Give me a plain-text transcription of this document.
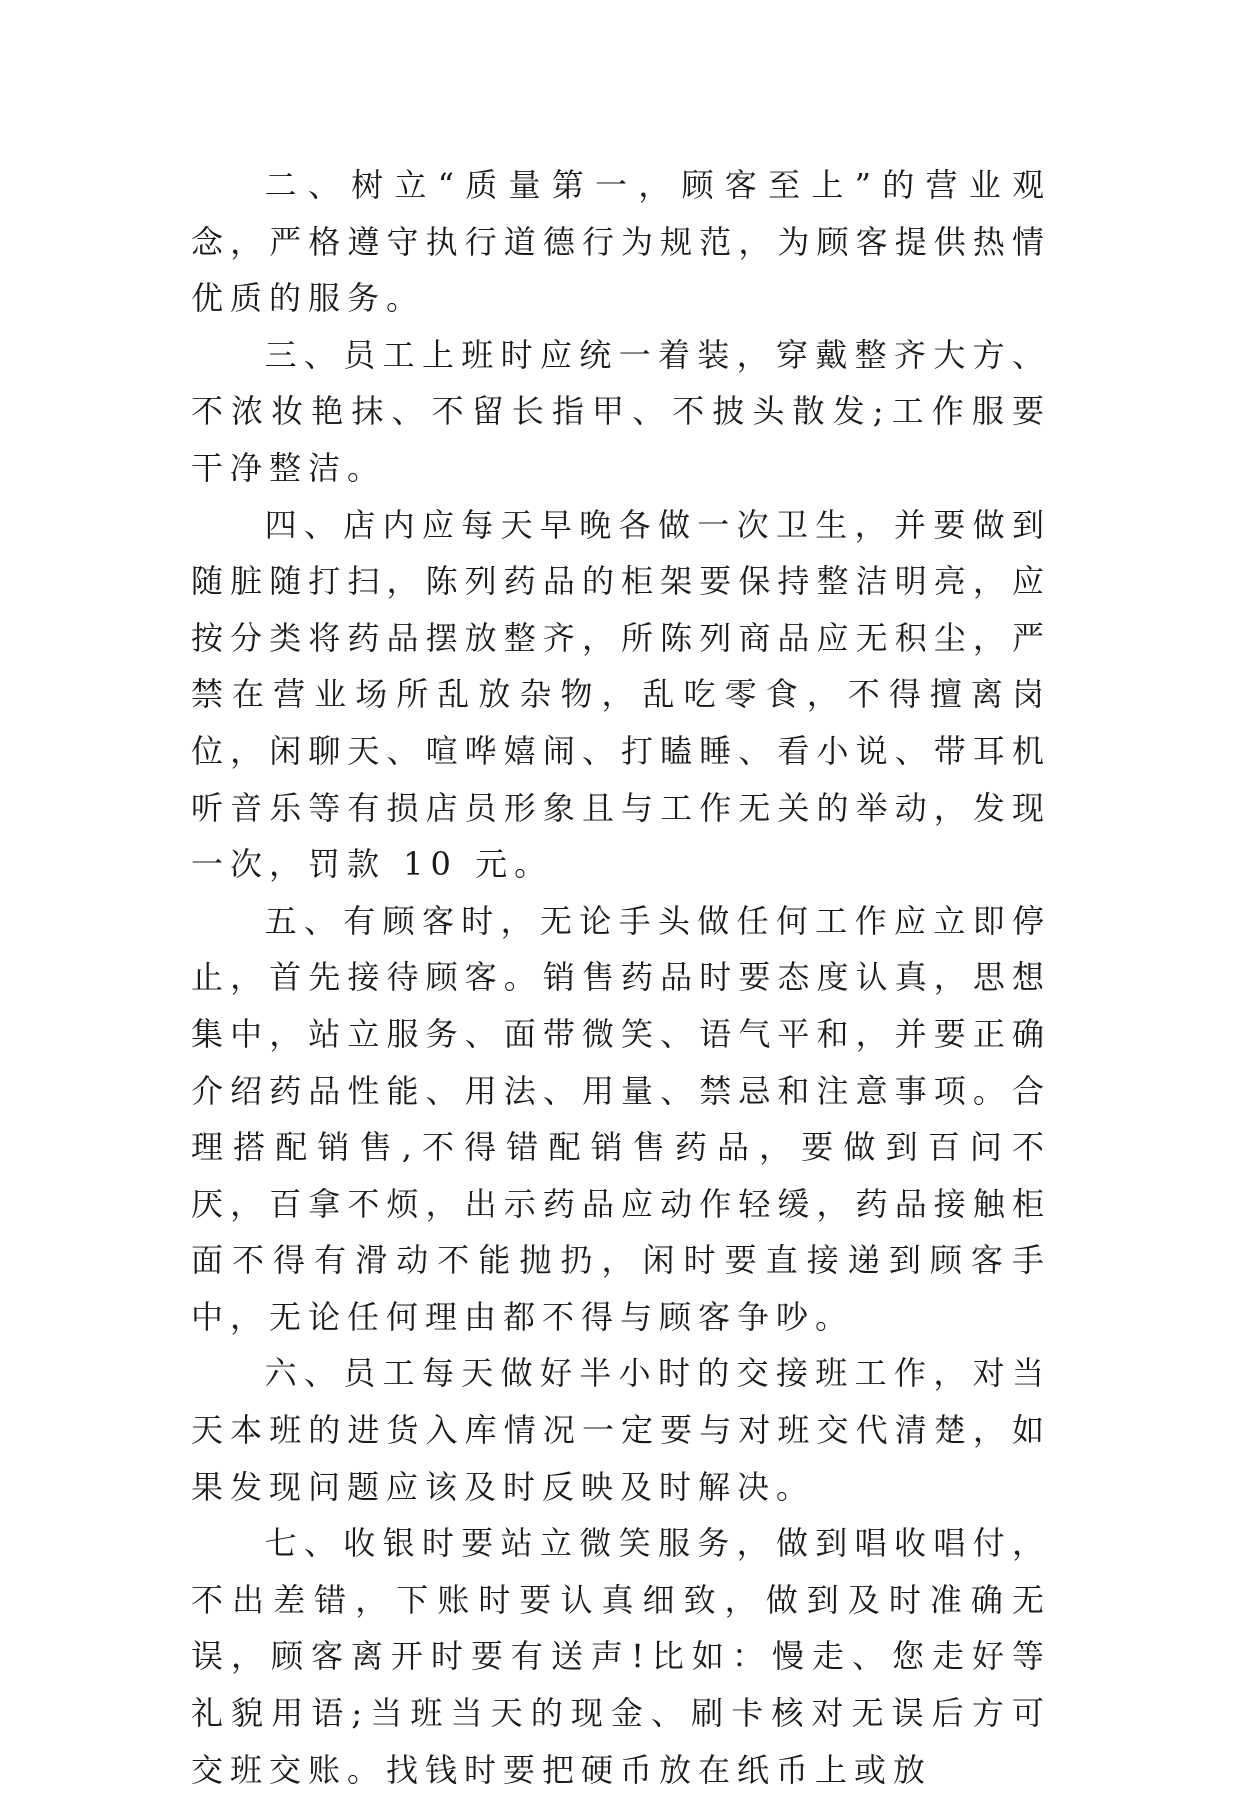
二、树立“质量第一，顾客至上”的营业观念，严格遵守执行道德行为规范，为顾客提供热情优质的服务。

三、员工上班时应统一着装，穿戴整齐大方、不浓妆艳抹、不留长指甲、不披头散发;工作服要干净整洁。

四、店内应每天早晚各做一次卫生，并要做到随脏随打扫，陈列药品的柜架要保持整洁明亮，应按分类将药品摆放整齐，所陈列商品应无积尘，严禁在营业场所乱放杂物，乱吃零食，不得擅离岗位，闲聊天、喧哗嬉闹、打瞌睡、看小说、带耳机听音乐等有损店员形象且与工作无关的举动，发现一次，罚款 10 元。

五、有顾客时，无论手头做任何工作应立即停止，首先接待顾客。销售药品时要态度认真，思想集中，站立服务、面带微笑、语气平和，并要正确介绍药品性能、用法、用量、禁忌和注意事项。合理搭配销售,不得错配销售药品，要做到百问不厌，百拿不烦，出示药品应动作轻缓，药品接触柜面不得有滑动不能抛扔，闲时要直接递到顾客手中，无论任何理由都不得与顾客争吵。

六、员工每天做好半小时的交接班工作，对当天本班的进货入库情况一定要与对班交代清楚，如果发现问题应该及时反映及时解决。

七、收银时要站立微笑服务，做到唱收唱付，不出差错，下账时要认真细致，做到及时准确无误，顾客离开时要有送声!比如：慢走、您走好等礼貌用语;当班当天的现金、刷卡核对无误后方可交班交账。找钱时要把硬币放在纸币上或放
